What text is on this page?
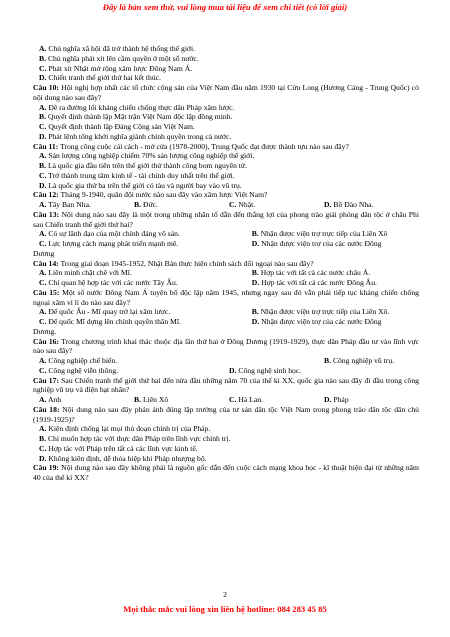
Đây là bản xem thử, vui lòng mua tài liệu để xem chi tiết (có lời giải)
A. Chủ nghĩa xã hội đã trở thành hệ thống thế giới.
B. Chủ nghĩa phát xít lên cầm quyền ở một số nước.
C. Phát xít Nhật mở rộng xâm lược Đông Nam Á.
D. Chiến tranh thế giới thứ hai kết thúc.
Câu 10: Hội nghị hợp nhất các tổ chức cộng sản của Việt Nam đầu năm 1930 tại Cửu Long (Hương Cảng - Trung Quốc) có nội dung nào sau đây?
A. Đề ra đường lối kháng chiến chống thực dân Pháp xâm lược.
B. Quyết định thành lập Mặt trận Việt Nam độc lập đồng minh.
C. Quyết định thành lập Đảng Cộng sản Việt Nam.
D. Phát lệnh tổng khởi nghĩa giành chính quyền trong cả nước.
Câu 11: Trong công cuộc cải cách - mở cửa (1978-2000), Trung Quốc đạt được thành tựu nào sau đây?
A. Sản lượng công nghiệp chiếm 70% sản lượng công nghiệp thế giới.
B. Là quốc gia đầu tiên trên thế giới thử thành công bom nguyên tử.
C. Trở thành trung tâm kinh tế - tài chính duy nhất trên thế giới.
D. Là quốc gia thứ ba trên thế giới có tàu và người bay vào vũ trụ.
Câu 12: Tháng 9-1940, quân đội nước nào sau đây vào xâm lược Việt Nam?
A. Tây Ban Nha.	B. Đức.	C. Nhật.	D. Bồ Đào Nha.
Câu 13: Nội dung nào sau đây là một trong những nhân tố dẫn đến thắng lợi của phong trào giải phóng dân tộc ở châu Phi sau Chiến tranh thế giới thứ hai?
A. Có sự lãnh đạo của một chính đảng vô sản.	B. Nhận được viện trợ trực tiếp của Liên Xô
C. Lực lượng cách mạng phát triển mạnh mẽ.	D. Nhận được viện trợ của các nước Đông
Dương
Câu 14: Trong giai đoạn 1945-1952, Nhật Bản thực hiện chính sách đối ngoại nào sau đây?
A. Liên minh chặt chẽ với Mĩ.	B. Hợp tác với tất cả các nước châu Á.
C. Chỉ quan hệ hợp tác với các nước Tây Âu.	D. Hợp tác với tất cả các nước Đông Âu.
Câu 15: Một số nước Đông Nam Á tuyên bố độc lập năm 1945, nhưng ngay sau đó vẫn phải tiếp tục kháng chiến chống ngoại xâm vì lí do nào sau đây?
A. Đế quốc Âu - Mĩ quay trở lại xâm lược.	B. Nhận được viện trợ trực tiếp của Liên Xô.
C. Đế quốc Mĩ dựng lên chính quyền thân Mĩ.	D. Nhận được viện trợ của các nước Đông
Dương.
Câu 16: Trong chương trình khai thác thuộc địa lần thứ hai ở Đông Dương (1919-1929), thực dân Pháp đầu tư vào lĩnh vực nào sau đây?
A. Công nghiệp chế biến.	B. Công nghiệp vũ trụ.
C. Công nghệ viễn thông.	D. Công nghệ sinh học.
Câu 17: Sau Chiến tranh thế giới thứ hai đến nửa đầu những năm 70 của thế kỉ XX, quốc gia nào sau đây đi đầu trong công nghiệp vũ trụ và điện hạt nhân?
A. Anh	B. Liên Xô	C. Hà Lan.	D. Pháp
Câu 18: Nội dung nào sau đây phản ánh đúng lập trường của tư sản dân tộc Việt Nam trong phong trào dân tộc dân chủ (1919-1925)?
A. Kiên định chống lại mọi thủ đoạn chính trị của Pháp.
B. Chỉ muốn hợp tác với thực dân Pháp trên lĩnh vực chính trị.
C. Hợp tác với Pháp trên tất cả các lĩnh vực kinh tế.
D. Không kiên định, dễ thỏa hiệp khi Pháp nhượng bộ.
Câu 19: Nội dung nào sau đây không phải là nguồn gốc dẫn đến cuộc cách mạng khoa học - kĩ thuật hiện đại từ những năm 40 của thế kỉ XX?
2
Mọi thắc mắc vui lòng xin liên hệ hotline: 084 283 45 85
